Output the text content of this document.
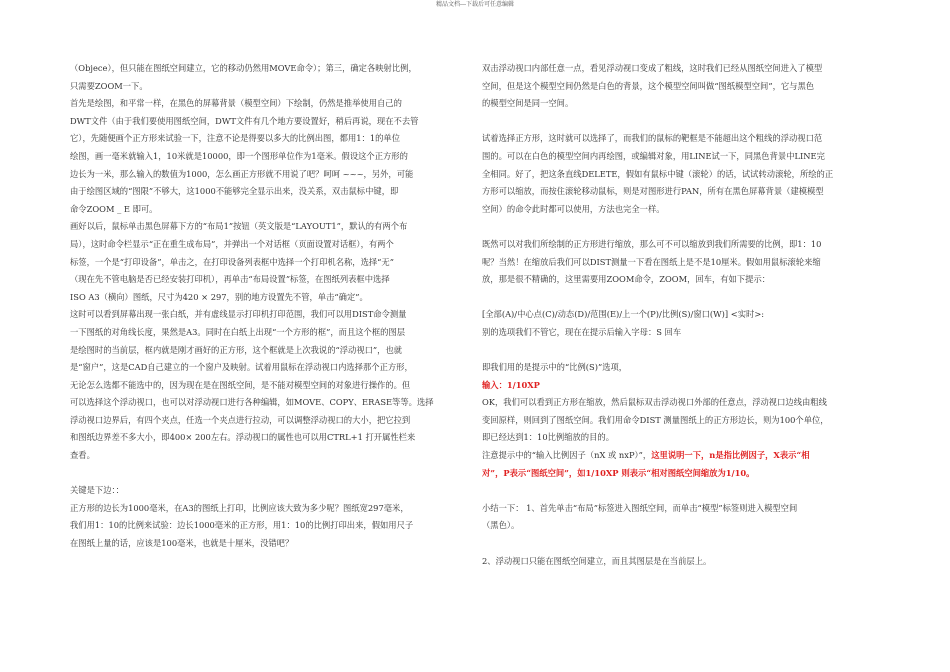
精品文档---下载后可任意编辑

（Objece），但只能在图纸空间建立，它的移动仍然用MOVE命令）；第三，确定各映射比例，

只需要ZOOM一下。

首先是绘图，和平常一样，在黑色的屏幕背景（模型空间）下绘制，仍然是推举使用自己的

DWT文件（由于我们要使用图纸空间，DWT文件有几个地方要设置好，稍后再说，现在不去管

它），先随便画个正方形来试验一下，注意不论是得要以多大的比例出图，都用1：1的单位

绘图，画一毫米就输入1，10米就是10000，即一个图形单位作为1毫米。假设这个正方形的

边长为一米，那么输入的数值为1000，怎么画正方形就不用说了吧？呵呵 ~~~，另外，可能

由于绘图区域的“图限”不够大，这1000不能够完全显示出来，没关系，双击鼠标中键，即

命令ZOOM _ E 即可。

画好以后，鼠标单击黑色屏幕下方的“布局1”按钮（英文版是“LAYOUT1”，默认的有两个布

局），这时命令栏显示“正在重生成布局”，并弹出一个对话框（页面设置对话框），有两个

标签，一个是“打印设备”，单击之，在打印设备列表框中选择一个打印机名称，选择“无”

（现在先不管电脑是否已经安装打印机），再单击“布局设置”标签，在图纸列表框中选择

ISO A3（横向）图纸，尺寸为420 × 297，别的地方设置先不管，单击“确定”。

这时可以看到屏幕出现一张白纸，并有虚线显示打印机打印范围，我们可以用DIST命令测量

一下图纸的对角线长度，果然是A3。同时在白纸上出现“一个方形的框”，而且这个框的图层

是绘图时的当前层，框内就是刚才画好的正方形，这个框就是上次我说的“浮动视口”，也就

是“窗户”，这是CAD自己建立的一个窗户及映射。试着用鼠标在浮动视口内选择那个正方形，

无论怎么选都不能选中的，因为现在是在图纸空间，是不能对模型空间的对象进行操作的。但

可以选择这个浮动视口，也可以对浮动视口进行各种编辑，如MOVE、COPY、ERASE等等。选择

浮动视口边界后，有四个夹点，任选一个夹点进行拉动，可以调整浮动视口的大小，把它拉到

和图纸边界差不多大小，即400× 200左右。浮动视口的属性也可以用CTRL+1 打开属性栏来

查看。

关键是下边：：

正方形的边长为1000毫米，在A3的图纸上打印，比例应该大致为多少呢？图纸宽297毫米，

我们用1：10的比例来试验：边长1000毫米的正方形，用1：10的比例打印出来，假如用尺子

在图纸上量的话，应该是100毫米，也就是十厘米，没错吧？

双击浮动视口内部任意一点，看见浮动视口变成了粗线，这时我们已经从图纸空间进入了模型

空间，但是这个模型空间仍然是白色的背景，这个模型空间叫做“图纸模型空间”，它与黑色

的模型空间是同一空间。

试着选择正方形，这时就可以选择了，而我们的鼠标的靶框是不能超出这个粗线的浮动视口范

围的。可以在白色的模型空间内再绘图，或编辑对象，用LINE试一下，同黑色背景中LINE完

全相同。好了，把这条直线DELETE，假如有鼠标中键（滚轮）的话，试试转动滚轮，所绘的正

方形可以缩放，而按住滚轮移动鼠标，则是对图形进行PAN，所有在黑色屏幕背景（建模模型

空间）的命令此时都可以使用，方法也完全一样。

既然可以对我们所绘制的正方形进行缩放，那么可不可以缩放到我们所需要的比例，即1：10

呢？当然！在缩放后我们可以DIST测量一下看在图纸上是不是10厘米。假如用鼠标滚轮来缩

放，那是很不精确的，这里需要用ZOOM命令，ZOOM，回车，有如下提示：

[全部(A)/中心点(C)/动态(D)/范围(E)/上一个(P)/比例(S)/窗口(W)] <实时>:

别的选项我们不管它，现在在提示后输入字母：S 回车

即我们用的是提示中的“比例(S)”选项，

输入：1/10XP

OK，我们可以看到正方形在缩放，然后鼠标双击浮动视口外部的任意点，浮动视口边线由粗线

变回原样，则回到了图纸空间。我们用命令DIST 测量图纸上的正方形边长，则为100个单位，

即已经达到1：10比例缩放的目的。

注意提示中的“输入比例因子（nX 或 nxP）”，这里说明一下，n是指比例因子，X表示“相

对”，P表示“图纸空间”，如1/10XP 则表示“相对图纸空间缩放为1/10。

小结一下： 1、首先单击“布局”标签进入图纸空间，而单击“模型”标签则进入模型空间

（黑色）。

2、浮动视口只能在图纸空间建立，而且其图层是在当前层上。
